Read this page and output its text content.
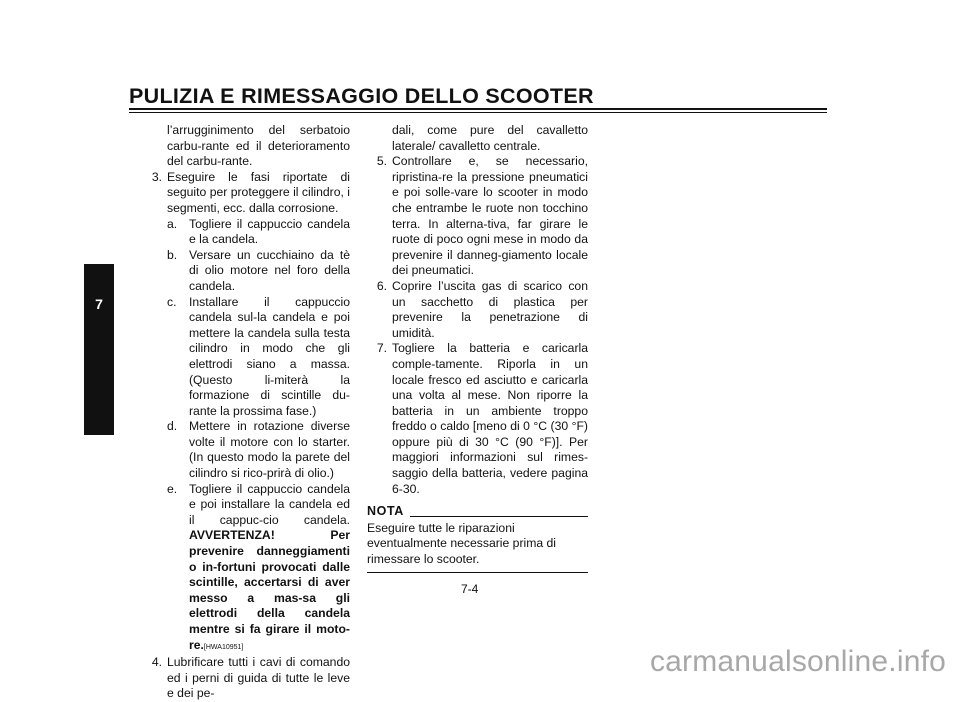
PULIZIA E RIMESSAGGIO DELLO SCOOTER
7
l’arrugginimento del serbatoio carbu-rante ed il deterioramento del carbu-rante.
3. Eseguire le fasi riportate di seguito per proteggere il cilindro, i segmenti, ecc. dalla corrosione.
a. Togliere il cappuccio candela e la candela.
b. Versare un cucchiaino da tè di olio motore nel foro della candela.
c.	Installare il cappuccio candela sul-la candela e poi mettere la candela sulla testa cilindro in modo che gli elettrodi siano a massa. (Questo li-miterà la formazione di scintille du-rante la prossima fase.)
d. Mettere in rotazione diverse volte il motore con lo starter. (In questo modo la parete del cilindro si rico-prirà di olio.)
e. Togliere il cappuccio candela e poi installare la candela ed il cappuc-cio candela. AVVERTENZA! Per prevenire danneggiamenti o in-fortuni provocati dalle scintille, accertarsi di aver messo a mas-sa gli elettrodi della candela mentre si fa girare il moto-re.[HWA10951]
4. Lubrificare tutti i cavi di comando ed i perni di guida di tutte le leve e dei pe-
dali, come pure del cavalletto laterale/ cavalletto centrale.
5. Controllare e, se necessario, ripristina-re la pressione pneumatici e poi solle-vare lo scooter in modo che entrambe le ruote non tocchino terra. In alterna-tiva, far girare le ruote di poco ogni mese in modo da prevenire il danneg-giamento locale dei pneumatici.
6. Coprire l’uscita gas di scarico con un sacchetto di plastica per prevenire la penetrazione di umidità.
7. Togliere la batteria e caricarla comple-tamente. Riporla in un locale fresco ed asciutto e caricarla una volta al mese. Non riporre la batteria in un ambiente troppo freddo o caldo [meno di 0 °C (30 °F) oppure più di 30 °C (90 °F)]. Per maggiori informazioni sul rimes-saggio della batteria, vedere pagina 6-30.
NOTA
Eseguire tutte le riparazioni eventualmente necessarie prima di rimessare lo scooter.
7-4
carmanualsonline.info
